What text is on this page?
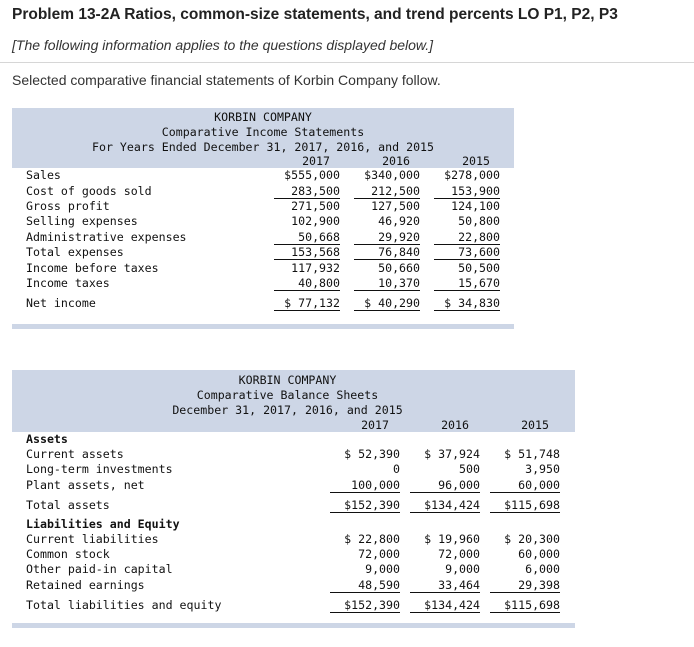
Problem 13-2A Ratios, common-size statements, and trend percents LO P1, P2, P3
[The following information applies to the questions displayed below.]
Selected comparative financial statements of Korbin Company follow.
KORBIN COMPANY
Comparative Income Statements
For Years Ended December 31, 2017, 2016, and 2015
2017	2016	2015
Sales	$555,000	$340,000	$278,000
Cost of goods sold	283,500	212,500	153,900
Gross profit	271,500	127,500	124,100
Selling expenses	102,900	46,920	50,800
Administrative expenses	50,668	29,920	22,800
Total expenses	153,568	76,840	73,600
Income before taxes	117,932	50,660	50,500
Income taxes	40,800	10,370	15,670
Net income	$ 77,132	$ 40,290	$ 34,830
KORBIN COMPANY
Comparative Balance Sheets
December 31, 2017, 2016, and 2015
2017	2016	2015
Assets
Liabilities and Equity
Current assets	$ 52,390	$ 37,924	$ 51,748
Long-term investments	0	500	3,950
Plant assets, net	100,000	96,000	60,000
Total assets	$152,390	$134,424	$115,698
Current liabilities	$ 22,800	$ 19,960	$ 20,300
Common stock	72,000	72,000	60,000
Other paid-in capital	9,000	9,000	6,000
Retained earnings	48,590	33,464	29,398
Total liabilities and equity	$152,390	$134,424	$115,698
